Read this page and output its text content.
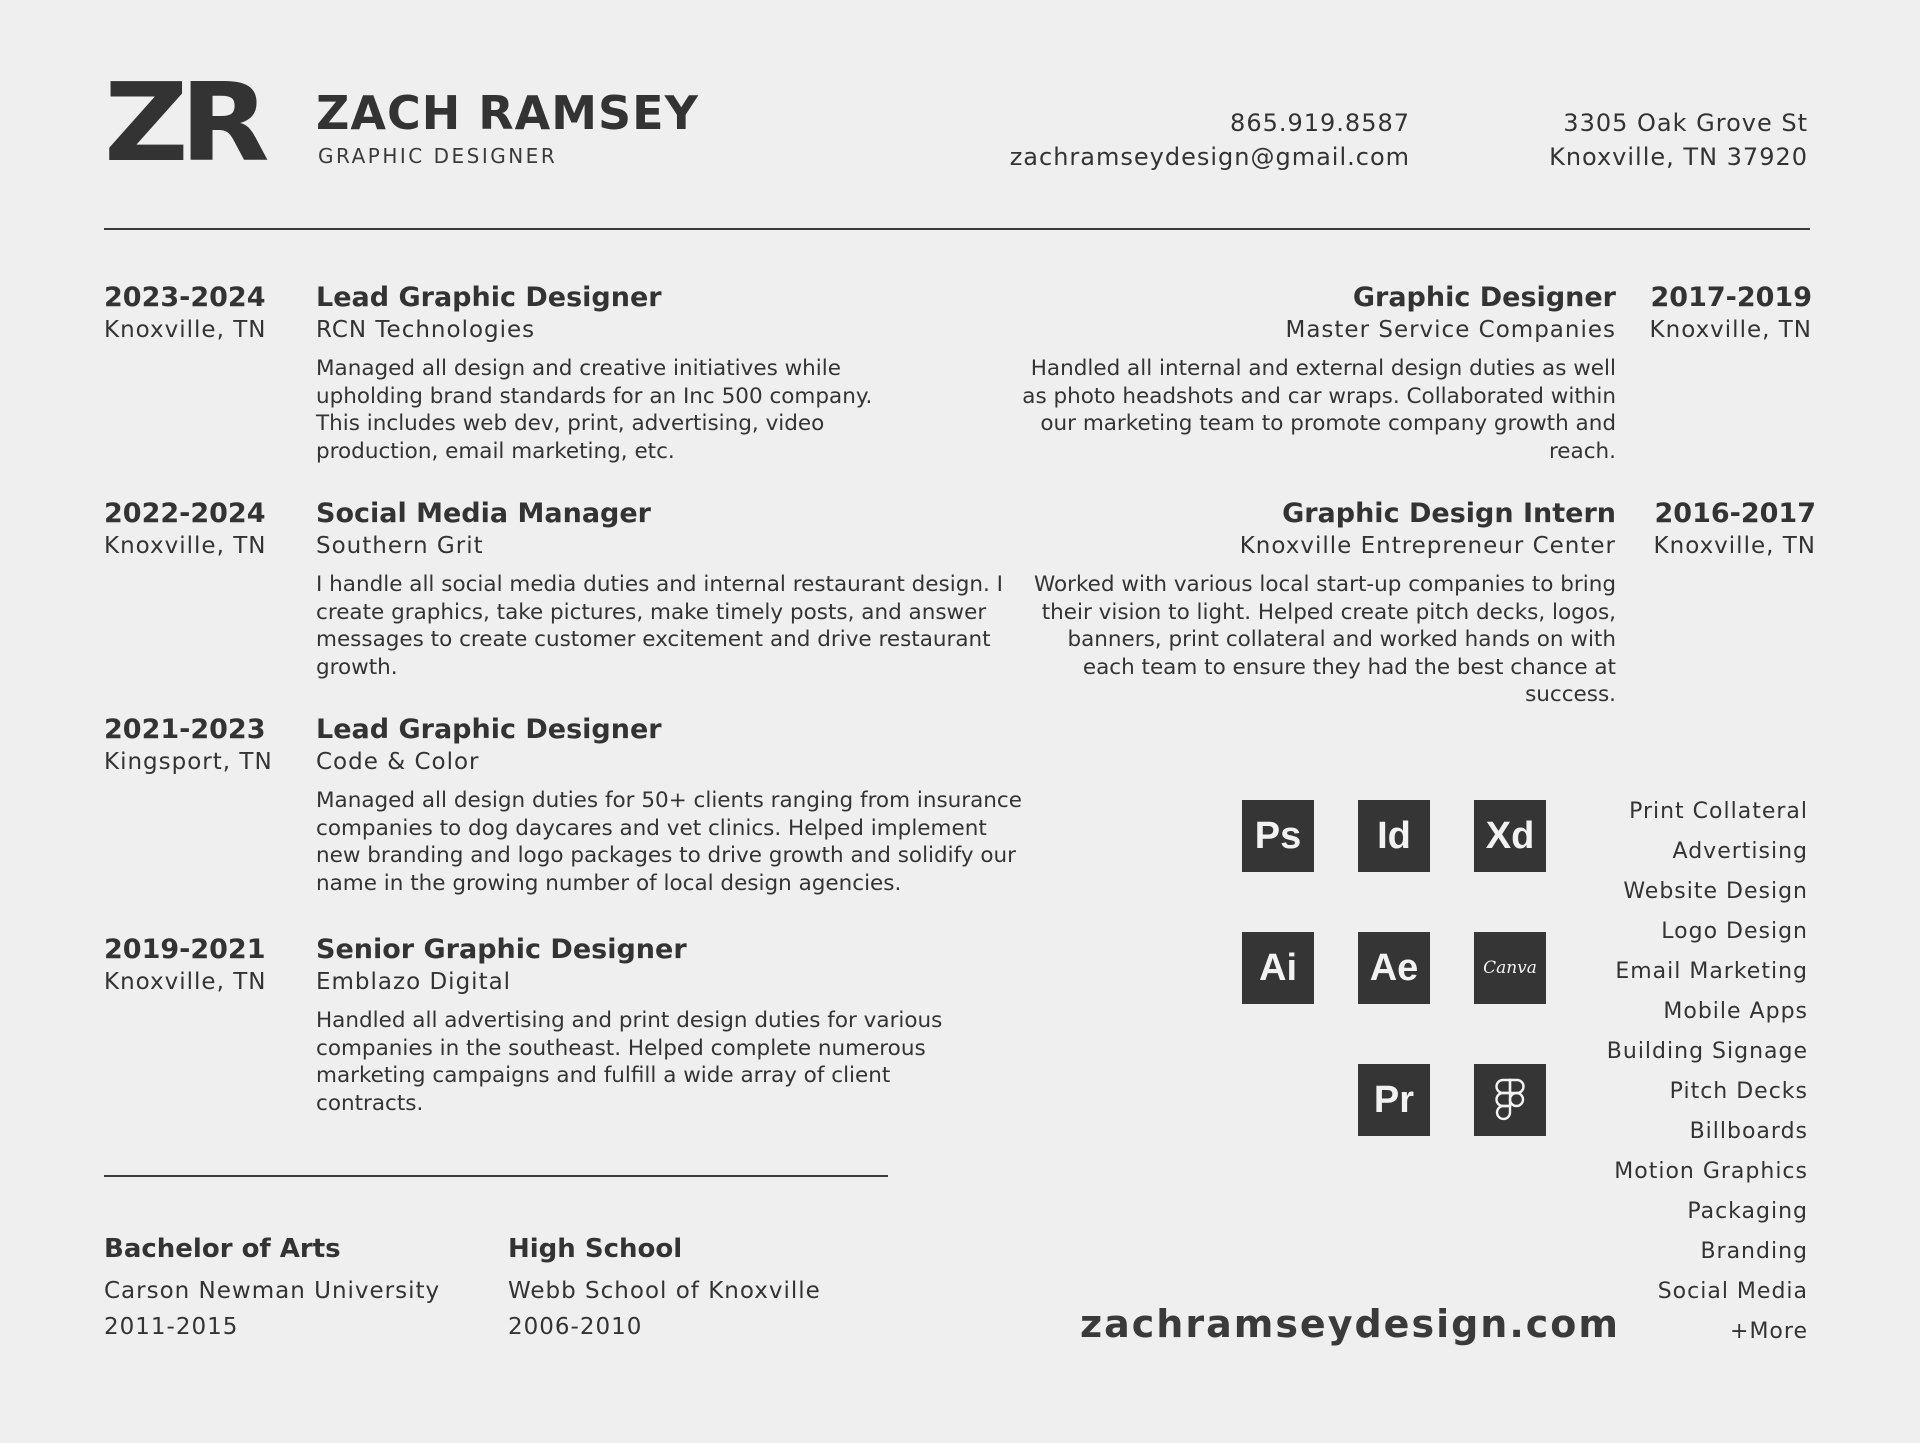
ZR ZACH RAMSEY
GRAPHIC DESIGNER
865.919.8587
zachramseydesign@gmail.com
3305 Oak Grove St
Knoxville, TN 37920
2023-2024
Knoxville, TN
Lead Graphic Designer
RCN Technologies
Managed all design and creative initiatives while upholding brand standards for an Inc 500 company. This includes web dev, print, advertising, video production, email marketing, etc.
2022-2024
Knoxville, TN
Social Media Manager
Southern Grit
I handle all social media duties and internal restaurant design. I create graphics, take pictures, make timely posts, and answer messages to create customer excitement and drive restaurant growth.
2021-2023
Kingsport, TN
Lead Graphic Designer
Code & Color
Managed all design duties for 50+ clients ranging from insurance companies to dog daycares and vet clinics. Helped implement new branding and logo packages to drive growth and solidify our name in the growing number of local design agencies.
2019-2021
Knoxville, TN
Senior Graphic Designer
Emblazo Digital
Handled all advertising and print design duties for various companies in the southeast. Helped complete numerous marketing campaigns and fulfill a wide array of client contracts.
Graphic Designer
Master Service Companies
Handled all internal and external design duties as well as photo headshots and car wraps. Collaborated within our marketing team to promote company growth and reach.
2017-2019
Knoxville, TN
Graphic Design Intern
Knoxville Entrepreneur Center
Worked with various local start-up companies to bring their vision to light. Helped create pitch decks, logos, banners, print collateral and worked hands on with each team to ensure they had the best chance at success.
2016-2017
Knoxville, TN
Ps	Id	Xd
Ai	Ae	Canva
Pr
Print Collateral
Advertising
Website Design
Logo Design
Email Marketing
Mobile Apps
Building Signage
Pitch Decks
Billboards
Motion Graphics
Packaging
Branding
Social Media
+More
Bachelor of Arts
Carson Newman University
2011-2015
High School
Webb School of Knoxville
2006-2010	zachramseydesign.com
